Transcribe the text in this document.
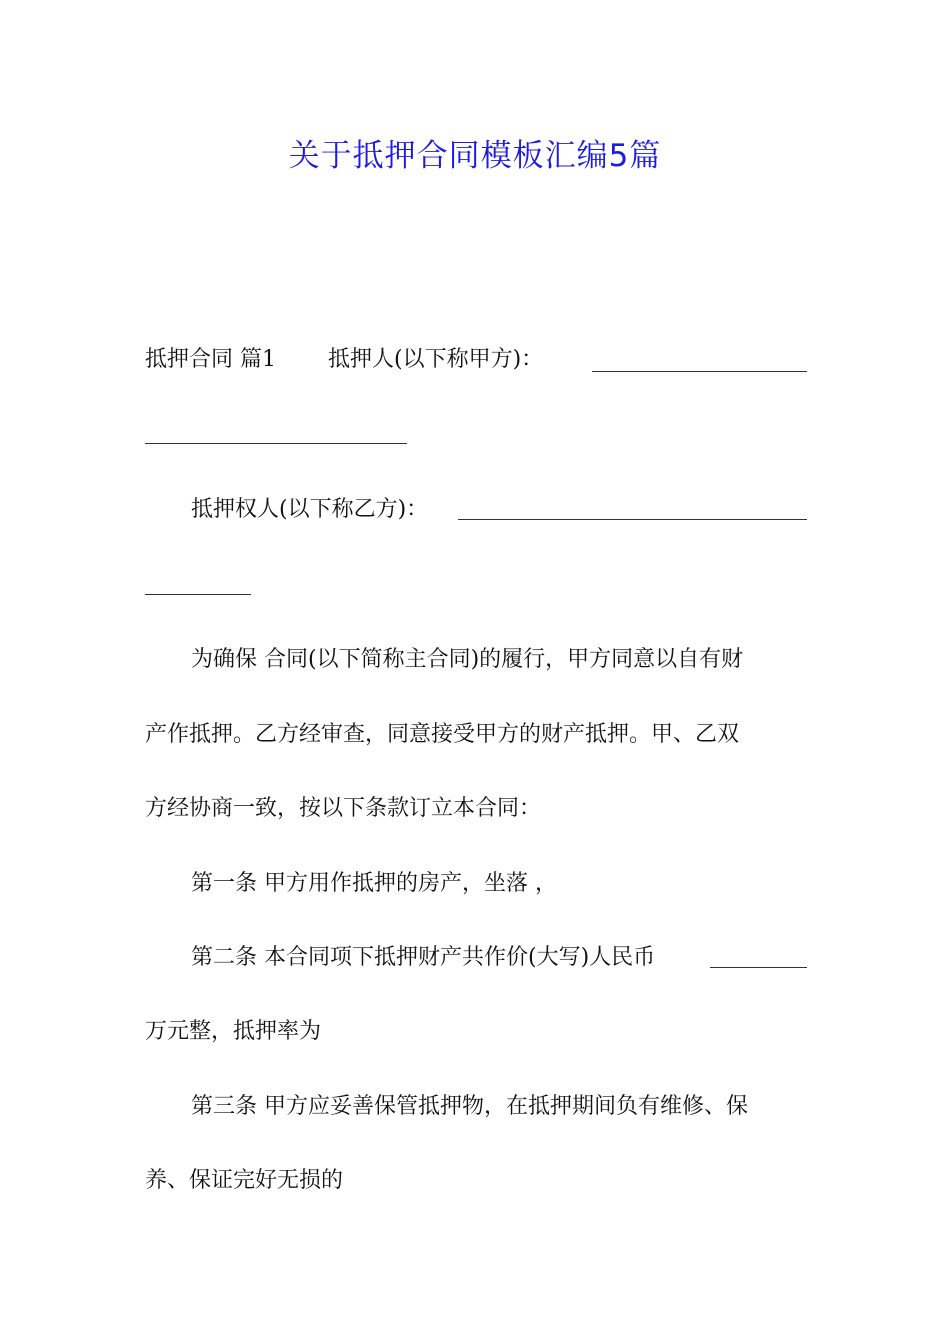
关于抵押合同模板汇编5篇
抵押合同 篇1 抵押人(以下称甲方)：
抵押权人(以下称乙方)：
为确保 合同(以下简称主合同)的履行，甲方同意以自有财
产作抵押。乙方经审查，同意接受甲方的财产抵押。甲、乙双
方经协商一致，按以下条款订立本合同：
第一条 甲方用作抵押的房产，坐落 ，
第二条 本合同项下抵押财产共作价(大写)人民币
万元整，抵押率为
第三条 甲方应妥善保管抵押物，在抵押期间负有维修、保
养、保证完好无损的
